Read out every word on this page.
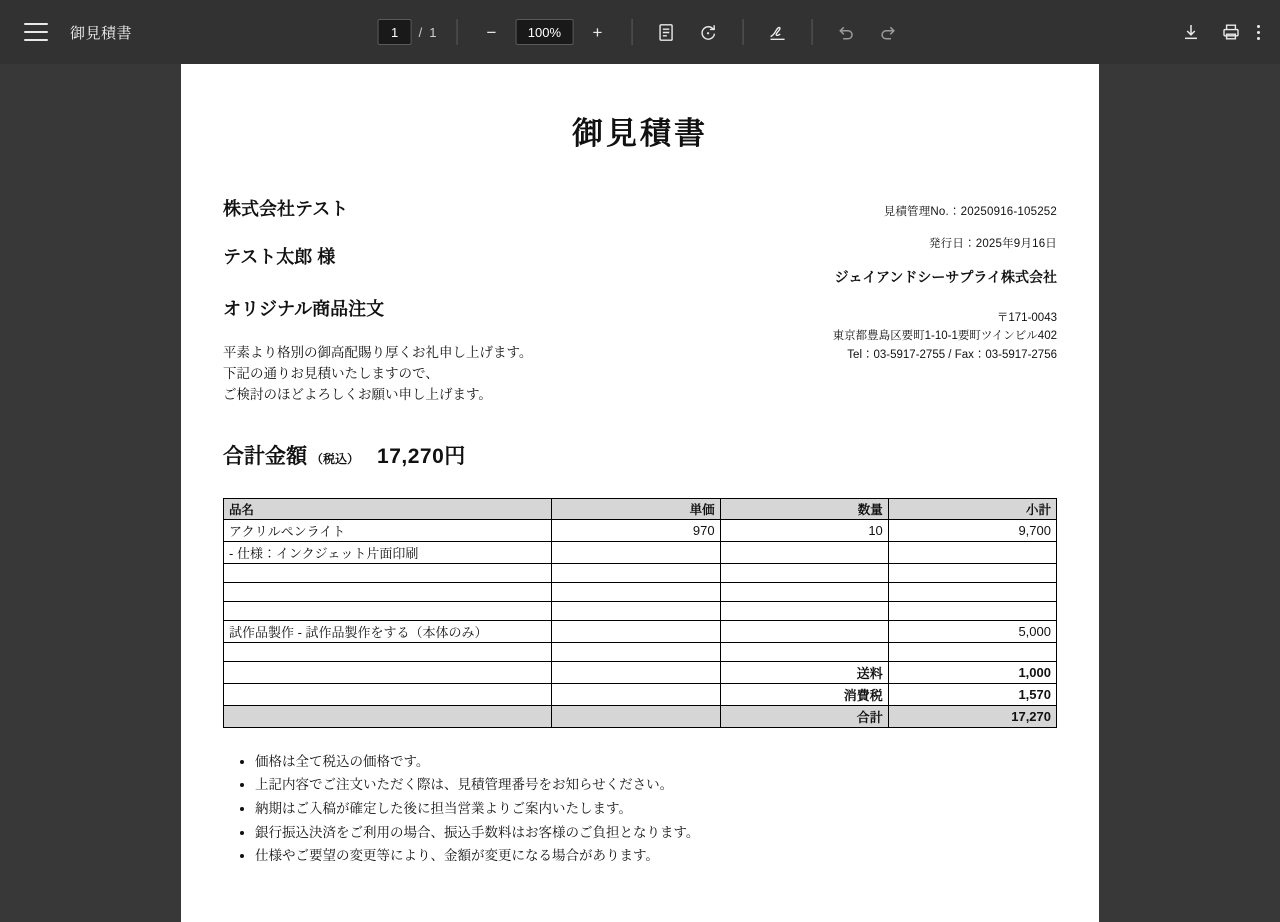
御見積書
1	/ 1	−	100%	+
御見積書
株式会社テスト
テスト太郎 様
オリジナル商品注文
平素より格別の御高配賜り厚くお礼申し上げます。
下記の通りお見積いたしますので、
ご検討のほどよろしくお願い申し上げます。
見積管理No.：20250916-105252
発行日：2025年9月16日
ジェイアンドシーサプライ株式会社
〒171-0043
東京都豊島区要町1-10-1要町ツインビル402
Tel：03-5917-2755 / Fax：03-5917-2756
合計金額 （税込） 17,270円
品名	単価	数量	小計
アクリルペンライト	970	10	9,700
- 仕様：インクジェット片面印刷			

試作品製作 - 試作品製作をする（本体のみ）			5,000

		送料	1,000
		消費税	1,570
		合計	17,270
• 価格は全て税込の価格です。
• 上記内容でご注文いただく際は、見積管理番号をお知らせください。
• 納期はご入稿が確定した後に担当営業よりご案内いたします。
• 銀行振込決済をご利用の場合、振込手数料はお客様のご負担となります。
• 仕様やご要望の変更等により、金額が変更になる場合があります。
